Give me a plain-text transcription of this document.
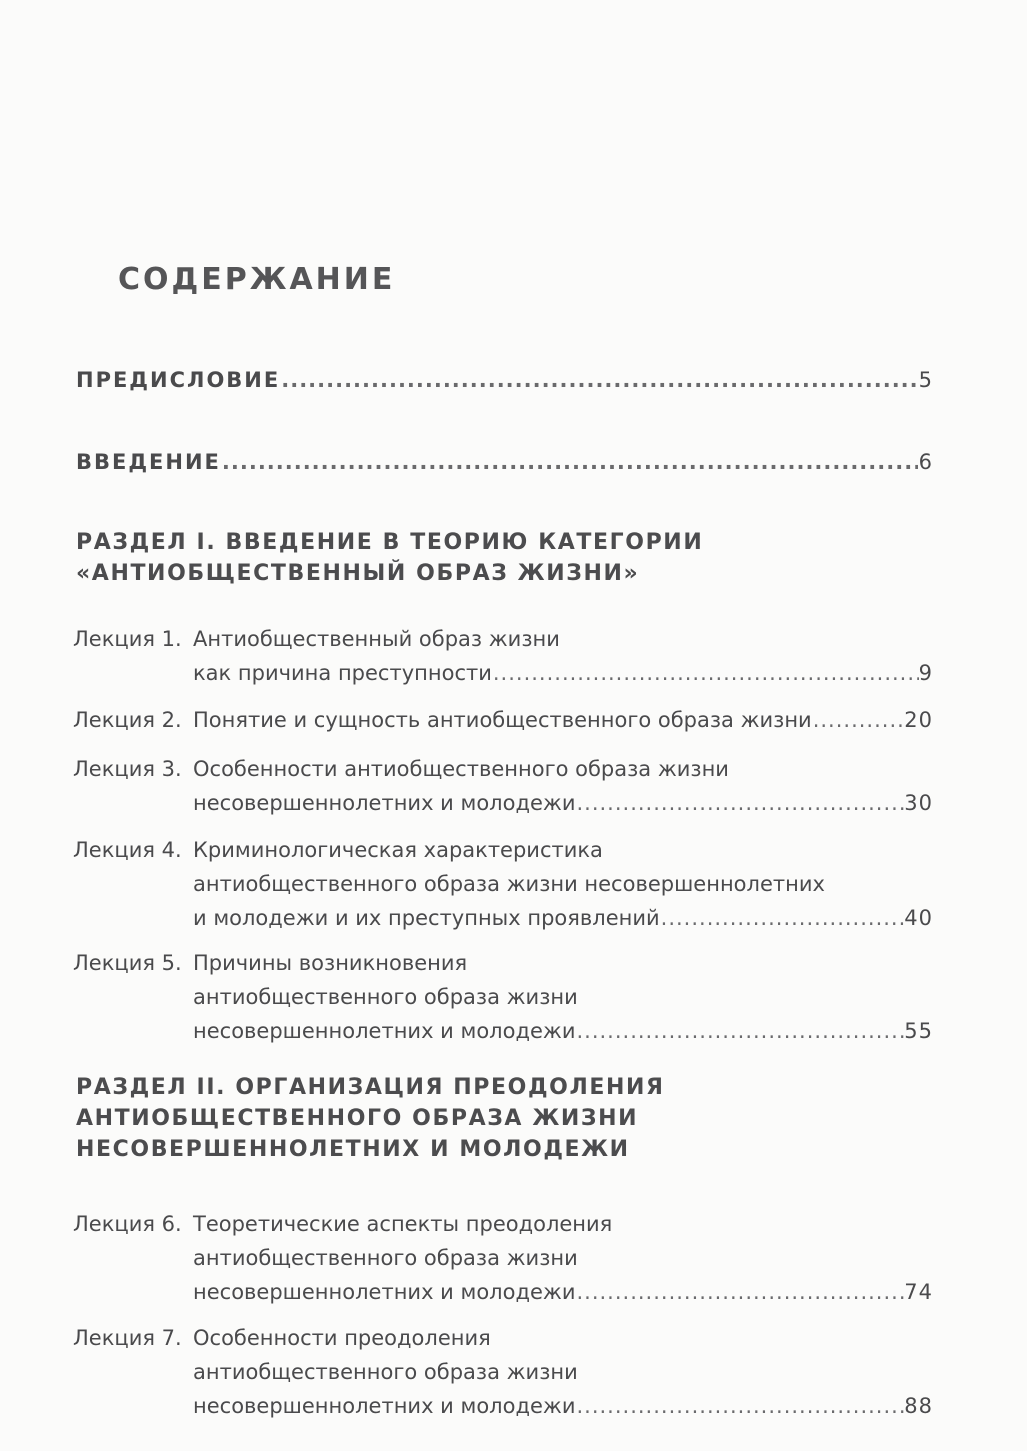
СОДЕРЖАНИЕ
ПРЕДИСЛОВИЕ .....	5
ВВЕДЕНИЕ .....	6
РАЗДЕЛ I. ВВЕДЕНИЕ В ТЕОРИЮ КАТЕГОРИИ
«АНТИОБЩЕСТВЕННЫЙ ОБРАЗ ЖИЗНИ»
Лекция 1. Антиобщественный образ жизни
как причина преступности .....	9
Лекция 2. Понятие и сущность антиобщественного образа жизни .....	20
Лекция 3. Особенности антиобщественного образа жизни
несовершеннолетних и молодежи .....	30
Лекция 4. Криминологическая характеристика
антиобщественного образа жизни несовершеннолетних
и молодежи и их преступных проявлений .....	40
Лекция 5. Причины возникновения
антиобщественного образа жизни
несовершеннолетних и молодежи .....	55
РАЗДЕЛ II. ОРГАНИЗАЦИЯ ПРЕОДОЛЕНИЯ
АНТИОБЩЕСТВЕННОГО ОБРАЗА ЖИЗНИ
НЕСОВЕРШЕННОЛЕТНИХ И МОЛОДЕЖИ
Лекция 6. Теоретические аспекты преодоления
антиобщественного образа жизни
несовершеннолетних и молодежи .....	74
Лекция 7. Особенности преодоления
антиобщественного образа жизни
несовершеннолетних и молодежи .....	88
